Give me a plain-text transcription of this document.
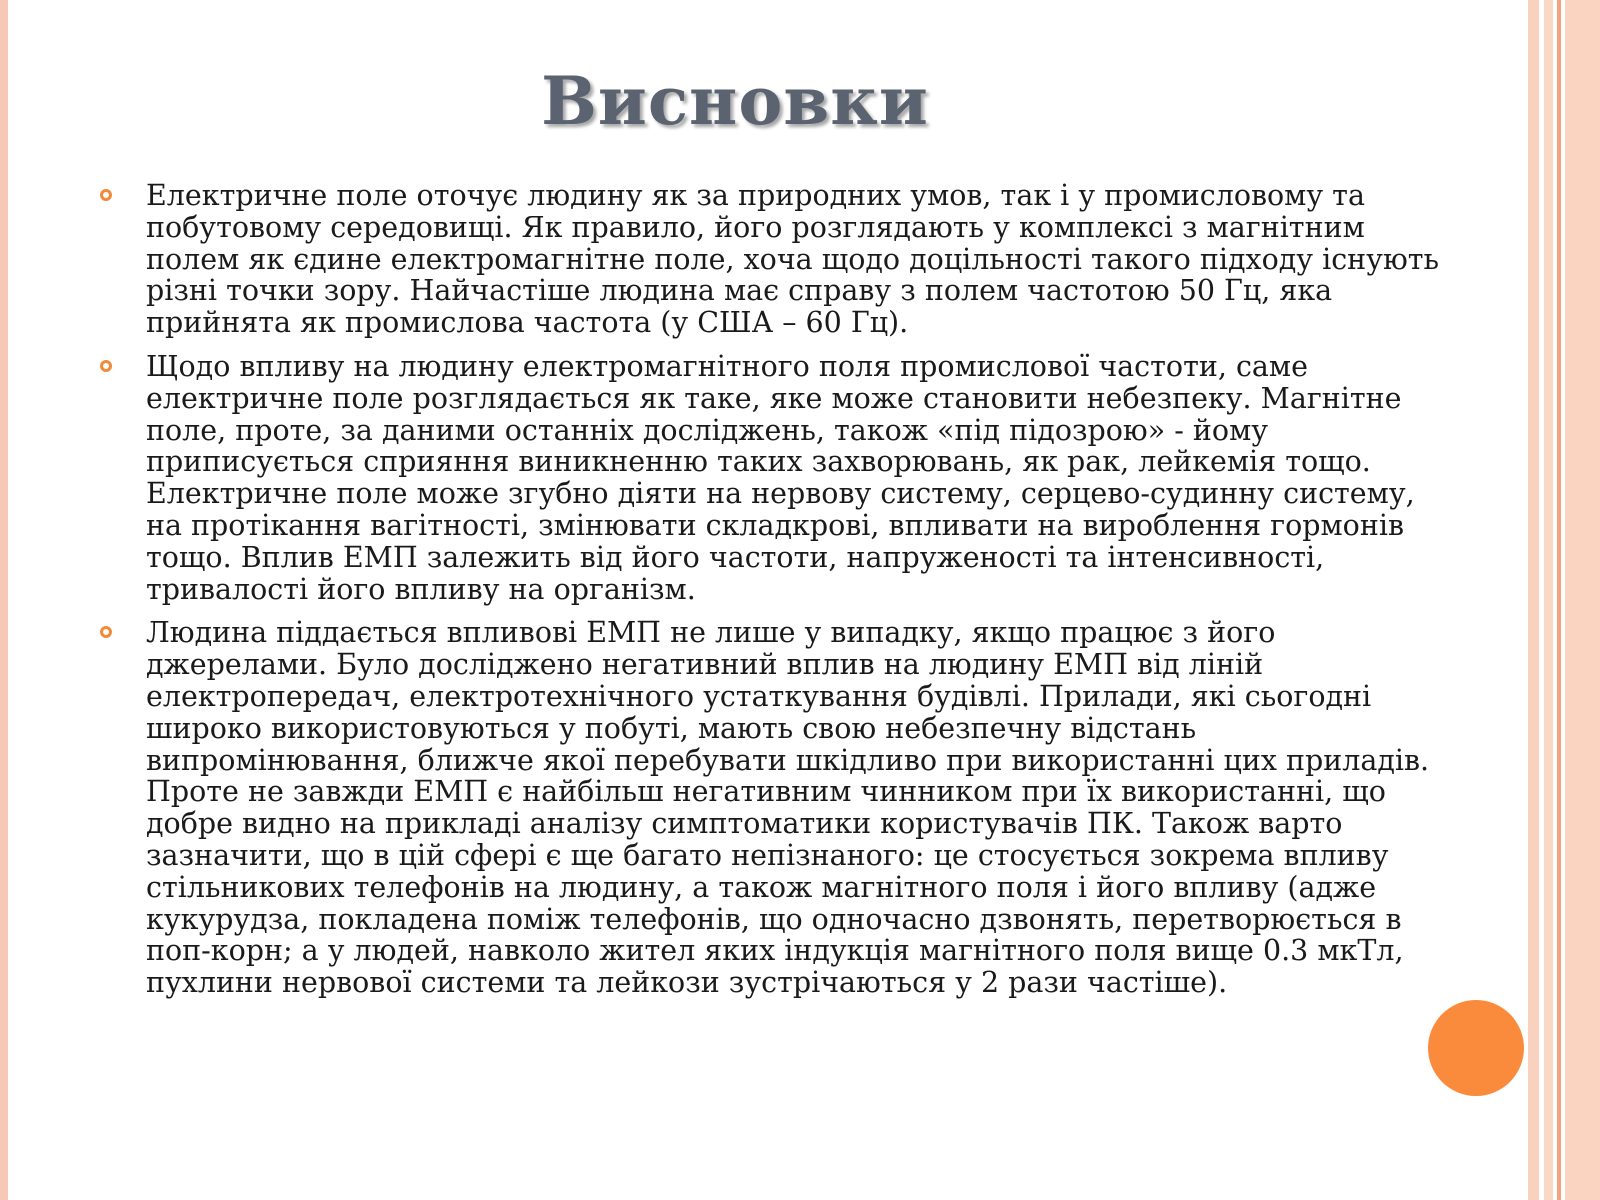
Висновки
Електричне поле оточує людину як за природних умов, так і у промисловому та побутовому середовищі. Як правило, його розглядають у комплексі з магнітним полем як єдине електромагнітне поле, хоча щодо доцільності такого підходу існують різні точки зору. Найчастіше людина має справу з полем частотою 50 Гц, яка прийнята як промислова частота (у США – 60 Гц).
Щодо впливу на людину електромагнітного поля промислової частоти, саме електричне поле розглядається як таке, яке може становити небезпеку. Магнітне поле, проте, за даними останніх досліджень, також «під підозрою» - йому приписується сприяння виникненню таких захворювань, як рак, лейкемія тощо. Електричне поле може згубно діяти на нервову систему, серцево-судинну систему, на протікання вагітності, змінювати складкрові, впливати на вироблення гормонів тощо. Вплив ЕМП залежить від його частоти, напруженості та інтенсивності, тривалості його впливу на організм.
Людина піддається впливові ЕМП не лише у випадку, якщо працює з його джерелами. Було досліджено негативний вплив на людину ЕМП від ліній електропередач, електротехнічного устаткування будівлі. Прилади, які сьогодні широко використовуються у побуті, мають свою небезпечну відстань випромінювання, ближче якої перебувати шкідливо при використанні цих приладів. Проте не завжди ЕМП є найбільш негативним чинником при їх використанні, що добре видно на прикладі аналізу симптоматики користувачів ПК. Також варто зазначити, що в цій сфері є ще багато непізнаного: це стосується зокрема впливу стільникових телефонів на людину, а також магнітного поля і його впливу (адже кукурудза, покладена поміж телефонів, що одночасно дзвонять, перетворюється в поп-корн; а у людей, навколо жител яких індукція магнітного поля вище 0.3 мкТл, пухлини нервової системи та лейкози зустрічаються у 2 рази частіше).
